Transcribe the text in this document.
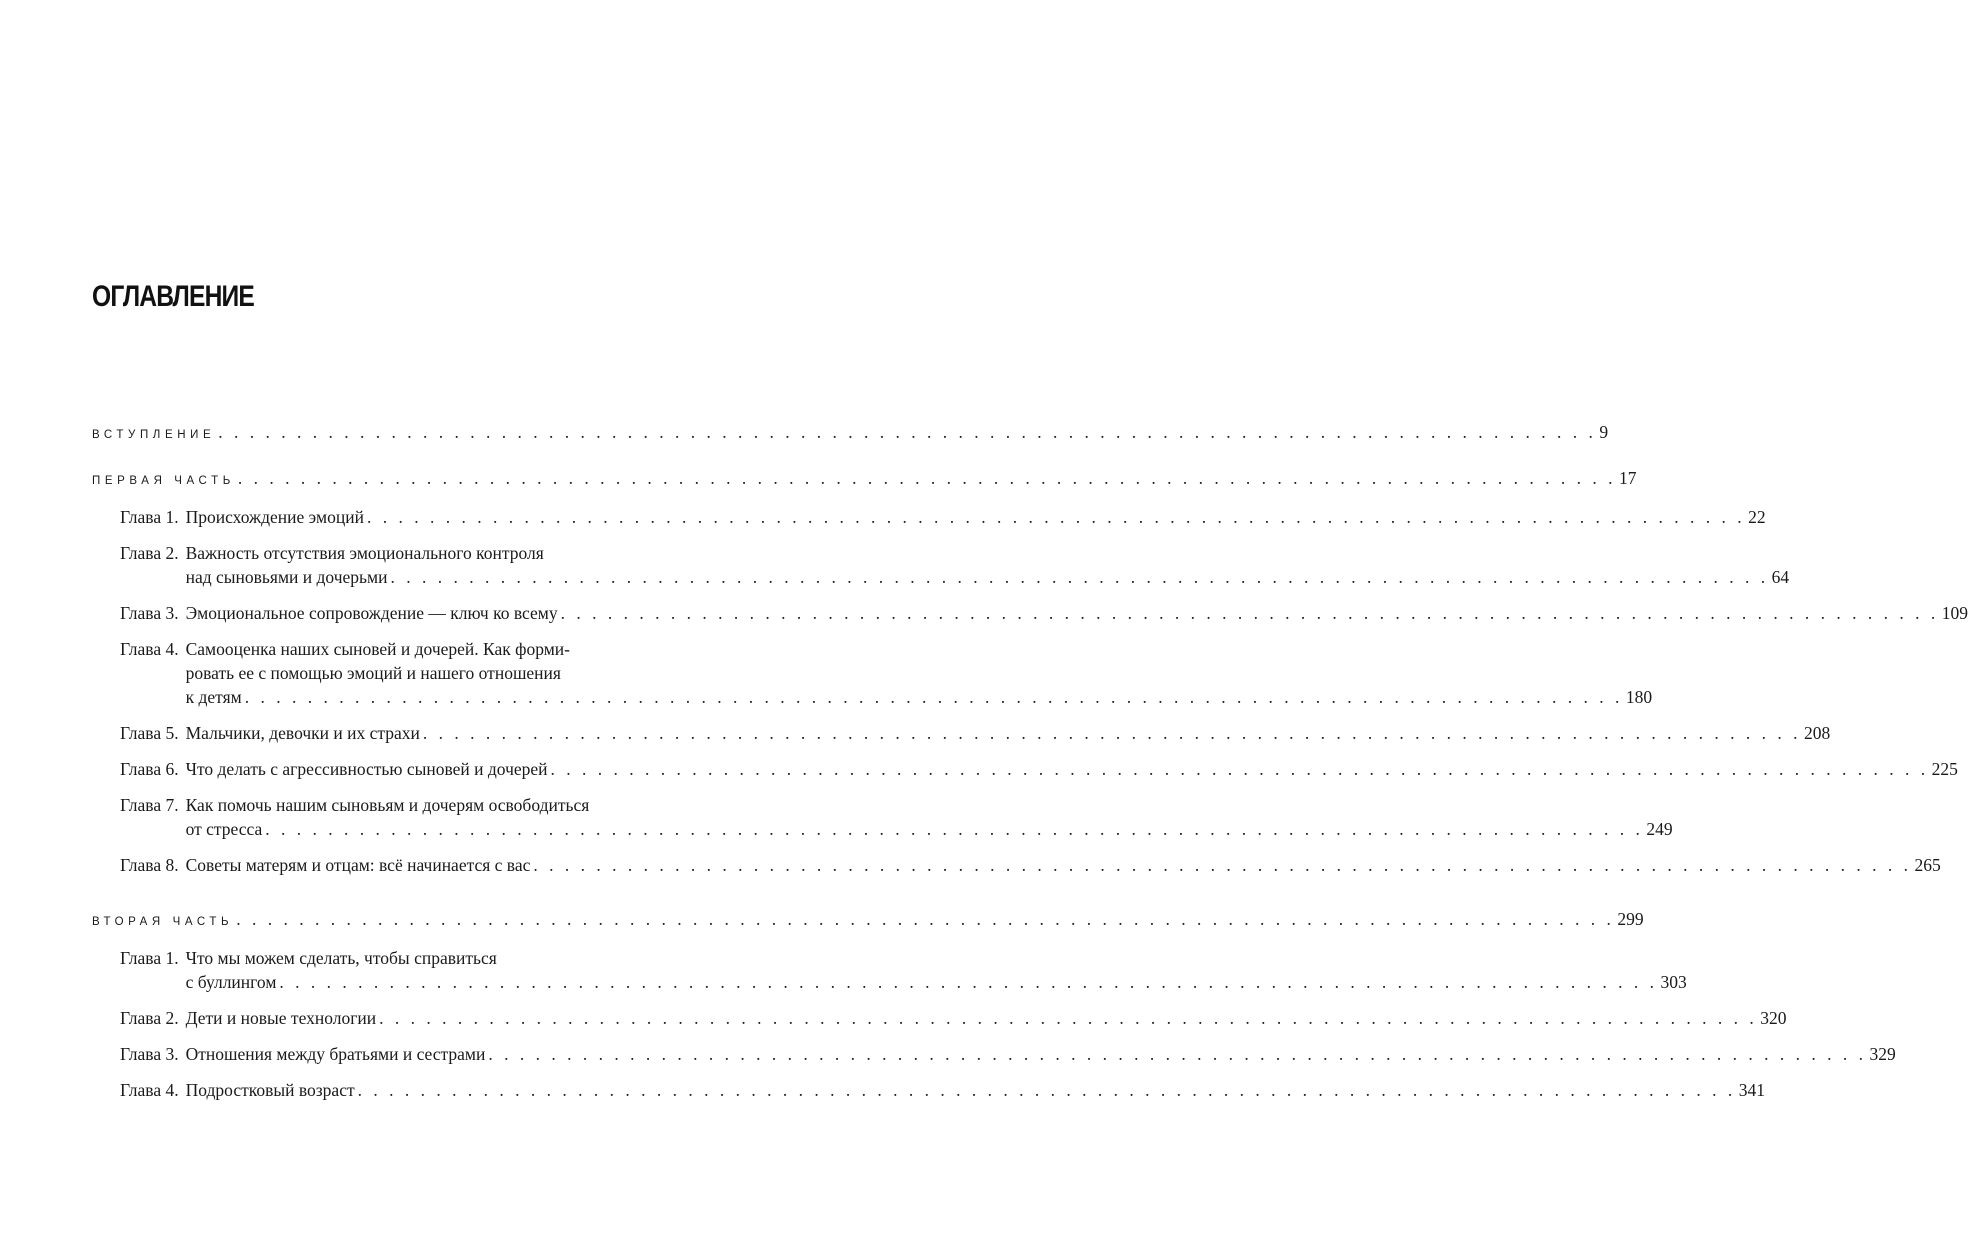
ОГЛАВЛЕНИЕ
ВСТУПЛЕНИЕ . . . . . . . . . . . . . . . . . . . . . . . . . . . . . . . . . . . . . . . . . . . . . . . . . . . . . . . . . . . . . . . . . . . . . . . . . . . . . . . . . . . . . . . . 9
ПЕРВАЯ ЧАСТЬ . . . . . . . . . . . . . . . . . . . . . . . . . . . . . . . . . . . . . . . . . . . . . . . . . . . . . . . . . . . . . . . . . . . . . . . . . . . . . . . . . . . . . . . . 17
Глава 1. Происхождение эмоций . . . . . . . . . . . . . . . . . . . . . . . . . . . . . . . . . . . . . . . . . . . . . . . . . . . . . . . . . . . . . . . . . . . . . . . . . . . . . . . . . . . . . . . . 22
Глава 2. Важность отсутствия эмоционального контроля
над сыновьями и дочерьми . . . . . . . . . . . . . . . . . . . . . . . . . . . . . . . . . . . . . . . . . . . . . . . . . . . . . . . . . . . . . . . . . . . . . . . . . . . . . . . . . . . . . . . . 64
Глава 3. Эмоциональное сопровождение — ключ ко всему . . . . . . . . . . . . . . . . . . . . . . . . . . . . . . . . . . . . . . . . . . . . . . . . . . . . . . . . . . . . . . . . . . . . . . . . . . . . . . . . . . . . . . . . 109
Глава 4. Самооценка наших сыновей и дочерей. Как форми-
ровать ее с помощью эмоций и нашего отношения
к детям . . . . . . . . . . . . . . . . . . . . . . . . . . . . . . . . . . . . . . . . . . . . . . . . . . . . . . . . . . . . . . . . . . . . . . . . . . . . . . . . . . . . . . . . 180
Глава 5. Мальчики, девочки и их страхи . . . . . . . . . . . . . . . . . . . . . . . . . . . . . . . . . . . . . . . . . . . . . . . . . . . . . . . . . . . . . . . . . . . . . . . . . . . . . . . . . . . . . . . . 208
Глава 6. Что делать с агрессивностью сыновей и дочерей . . . . . . . . . . . . . . . . . . . . . . . . . . . . . . . . . . . . . . . . . . . . . . . . . . . . . . . . . . . . . . . . . . . . . . . . . . . . . . . . . . . . . . . . 225
Глава 7. Как помочь нашим сыновьям и дочерям освободиться
от стресса . . . . . . . . . . . . . . . . . . . . . . . . . . . . . . . . . . . . . . . . . . . . . . . . . . . . . . . . . . . . . . . . . . . . . . . . . . . . . . . . . . . . . . . . 249
Глава 8. Советы матерям и отцам: всё начинается с вас . . . . . . . . . . . . . . . . . . . . . . . . . . . . . . . . . . . . . . . . . . . . . . . . . . . . . . . . . . . . . . . . . . . . . . . . . . . . . . . . . . . . . . . . 265
ВТОРАЯ ЧАСТЬ . . . . . . . . . . . . . . . . . . . . . . . . . . . . . . . . . . . . . . . . . . . . . . . . . . . . . . . . . . . . . . . . . . . . . . . . . . . . . . . . . . . . . . . . 299
Глава 1. Что мы можем сделать, чтобы справиться
с буллингом . . . . . . . . . . . . . . . . . . . . . . . . . . . . . . . . . . . . . . . . . . . . . . . . . . . . . . . . . . . . . . . . . . . . . . . . . . . . . . . . . . . . . . . . 303
Глава 2. Дети и новые технологии . . . . . . . . . . . . . . . . . . . . . . . . . . . . . . . . . . . . . . . . . . . . . . . . . . . . . . . . . . . . . . . . . . . . . . . . . . . . . . . . . . . . . . . . 320
Глава 3. Отношения между братьями и сестрами . . . . . . . . . . . . . . . . . . . . . . . . . . . . . . . . . . . . . . . . . . . . . . . . . . . . . . . . . . . . . . . . . . . . . . . . . . . . . . . . . . . . . . . . 329
Глава 4. Подростковый возраст . . . . . . . . . . . . . . . . . . . . . . . . . . . . . . . . . . . . . . . . . . . . . . . . . . . . . . . . . . . . . . . . . . . . . . . . . . . . . . . . . . . . . . . . 341
